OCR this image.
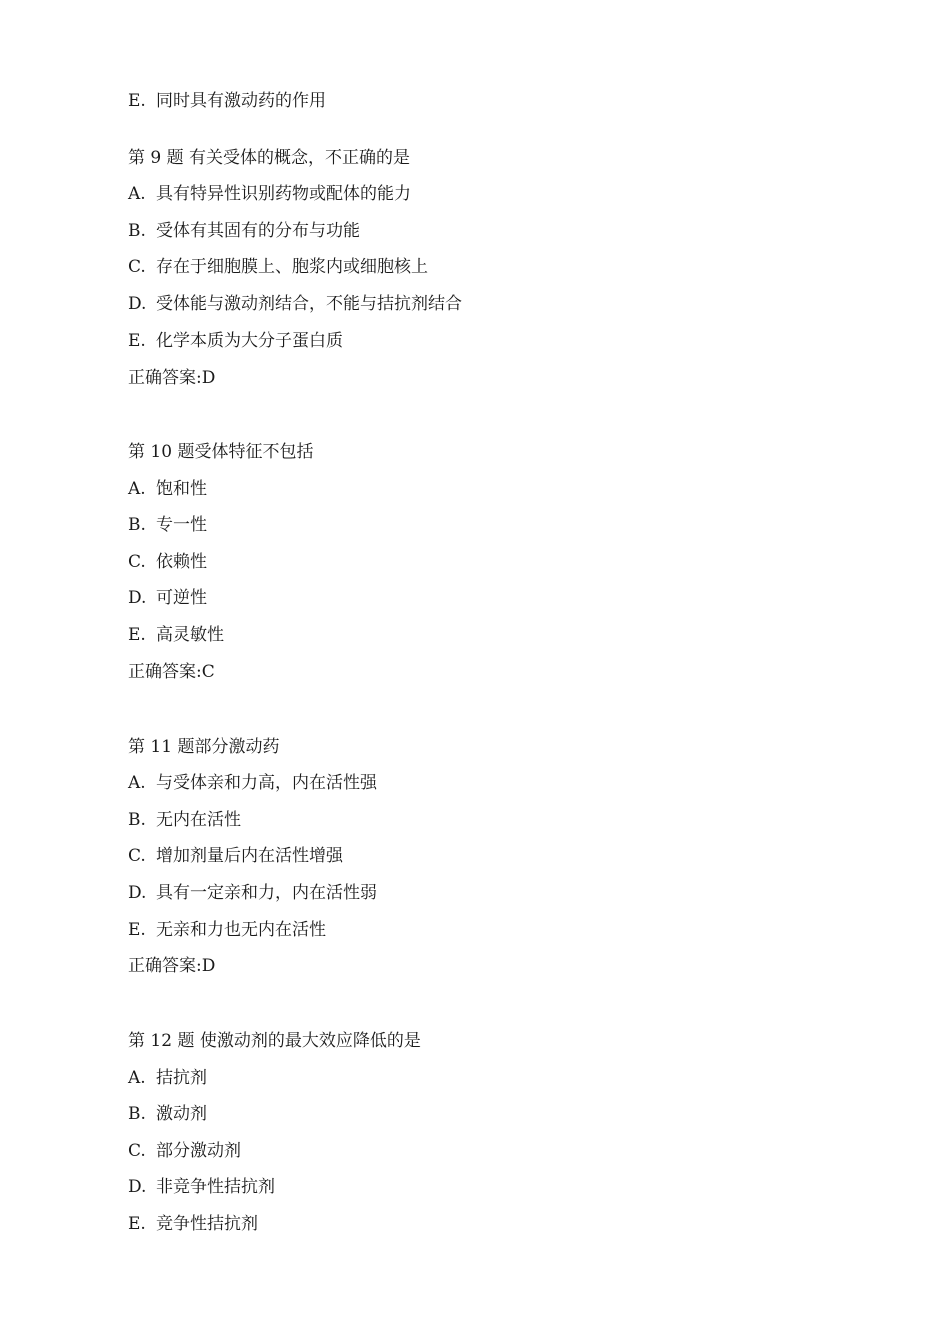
E. 同时具有激动药的作用
第 9 题 有关受体的概念，不正确的是
A. 具有特异性识别药物或配体的能力
B. 受体有其固有的分布与功能
C. 存在于细胞膜上、胞浆内或细胞核上
D. 受体能与激动剂结合，不能与拮抗剂结合
E. 化学本质为大分子蛋白质
正确答案:D
第 10 题受体特征不包括
A. 饱和性
B. 专一性
C. 依赖性
D. 可逆性
E. 高灵敏性
正确答案:C
第 11 题部分激动药
A. 与受体亲和力高，内在活性强
B. 无内在活性
C. 增加剂量后内在活性增强
D. 具有一定亲和力，内在活性弱
E. 无亲和力也无内在活性
正确答案:D
第 12 题 使激动剂的最大效应降低的是
A. 拮抗剂
B. 激动剂
C. 部分激动剂
D. 非竞争性拮抗剂
E. 竞争性拮抗剂
